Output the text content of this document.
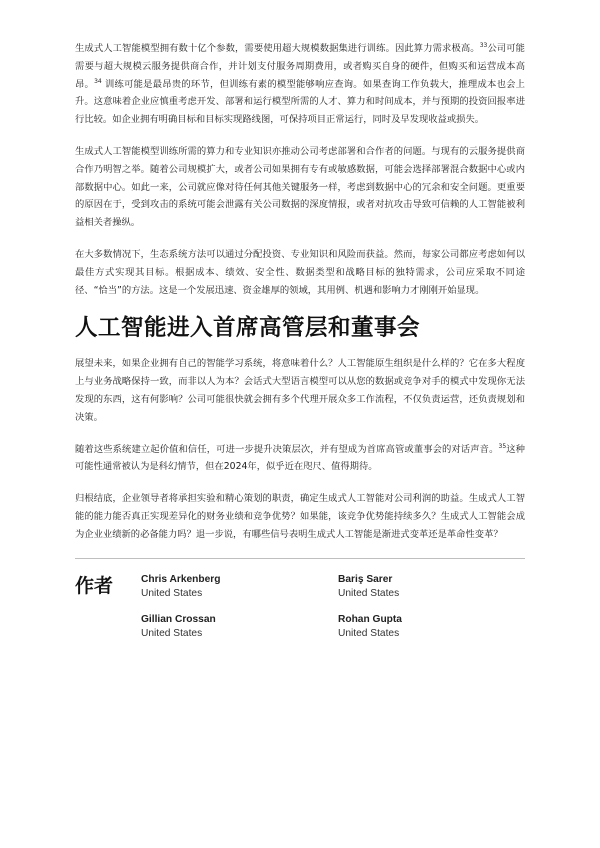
生成式人工智能模型拥有数十亿个参数，需要使用超大规模数据集进行训练。因此算力需求极高。$^{33}$公司可能需要与超大规模云服务提供商合作，并计划支付服务周期费用，或者购买自身的硬件，但购买和运营成本高昂。$^{34}$ 训练可能是最昂贵的环节，但训练有素的模型能够响应查询。如果查询工作负载大，推理成本也会上升。这意味着企业应慎重考虑开发、部署和运行模型所需的人才、算力和时间成本，并与预期的投资回报率进行比较。如企业拥有明确目标和目标实现路线图，可保持项目正常运行，同时及早发现收益或损失。

生成式人工智能模型训练所需的算力和专业知识亦推动公司考虑部署和合作者的问题。与现有的云服务提供商合作乃明智之举。随着公司规模扩大，或者公司如果拥有专有或敏感数据，可能会选择部署混合数据中心或内部数据中心。如此一来，公司就应像对待任何其他关键服务一样，考虑到数据中心的冗余和安全问题。更重要的原因在于，受到攻击的系统可能会泄露有关公司数据的深度情报，或者对抗攻击导致可信赖的人工智能被利益相关者操纵。

在大多数情况下，生态系统方法可以通过分配投资、专业知识和风险而获益。然而，每家公司都应考虑如何以最佳方式实现其目标。根据成本、绩效、安全性、数据类型和战略目标的独特需求，公司应采取不同途径、“恰当”的方法。这是一个发展迅速、资金雄厚的领域，其用例、机遇和影响力才刚刚开始显现。

人工智能进入首席高管层和董事会

展望未来，如果企业拥有自己的智能学习系统，将意味着什么？人工智能原生组织是什么样的？它在多大程度上与业务战略保持一致，而非以人为本？会话式大型语言模型可以从您的数据或竞争对手的模式中发现你无法发现的东西，这有何影响？公司可能很快就会拥有多个代理开展众多工作流程，不仅负责运营，还负责规划和决策。

随着这些系统建立起价值和信任，可进一步提升决策层次，并有望成为首席高管或董事会的对话声音。$^{35}$这种可能性通常被认为是科幻情节，但在2024年，似乎近在咫尺、值得期待。

归根结底，企业领导者将承担实验和精心策划的职责，确定生成式人工智能对公司利润的助益。生成式人工智能的能力能否真正实现差异化的财务业绩和竞争优势？如果能，该竞争优势能持续多久？生成式人工智能会成为企业业绩新的必备能力吗？退一步说，有哪些信号表明生成式人工智能是渐进式变革还是革命性变革？

作者	Chris Arkenberg
United States
Bariş Sarer
United States
Gillian Crossan
United States
Rohan Gupta
United States
